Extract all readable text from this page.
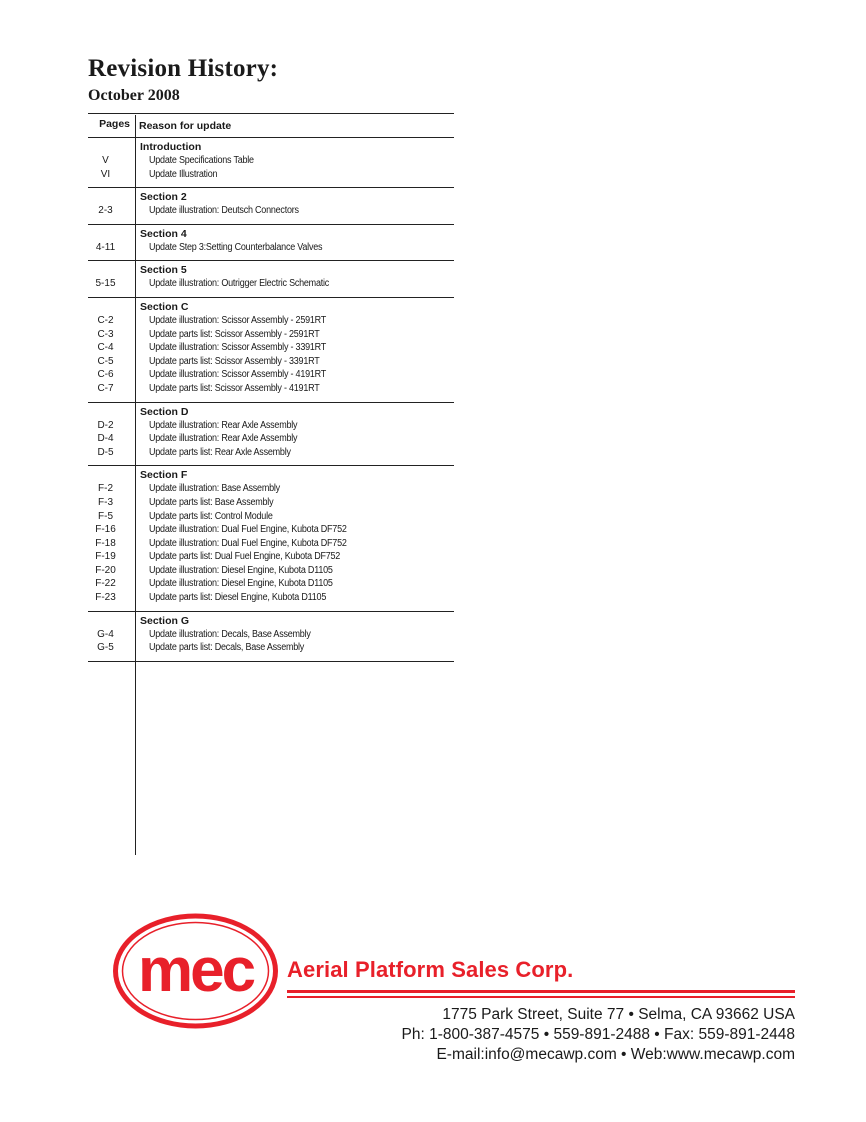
Revision History:
October 2008
Pages Reason for update
Introduction
V	Update Specifications Table
VI	Update Illustration
Section 2
2-3	Update illustration: Deutsch Connectors
Section 4
4-11	Update Step 3:Setting Counterbalance Valves
Section 5
5-15	Update illustration: Outrigger Electric Schematic
Section C
C-2	Update illustration: Scissor Assembly - 2591RT
C-3	Update parts list: Scissor Assembly - 2591RT
C-4	Update illustration: Scissor Assembly - 3391RT
C-5	Update parts list: Scissor Assembly - 3391RT
C-6	Update illustration: Scissor Assembly - 4191RT
C-7	Update parts list: Scissor Assembly - 4191RT
Section D
D-2	Update illustration: Rear Axle Assembly
D-4	Update illustration: Rear Axle Assembly
D-5	Update parts list: Rear Axle Assembly
Section F
F-2	Update illustration: Base Assembly
F-3	Update parts list: Base Assembly
F-5	Update parts list: Control Module
F-16	Update illustration: Dual Fuel Engine, Kubota DF752
F-18	Update illustration: Dual Fuel Engine, Kubota DF752
F-19	Update parts list: Dual Fuel Engine, Kubota DF752
F-20	Update illustration: Diesel Engine, Kubota D1105
F-22	Update illustration: Diesel Engine, Kubota D1105
F-23	Update parts list: Diesel Engine, Kubota D1105
Section G
G-4	Update illustration: Decals, Base Assembly
G-5	Update parts list: Decals, Base Assembly
mec Aerial Platform Sales Corp.
1775 Park Street, Suite 77 • Selma, CA 93662 USA
Ph: 1-800-387-4575 • 559-891-2488 • Fax: 559-891-2448
E-mail:info@mecawp.com • Web:www.mecawp.com
